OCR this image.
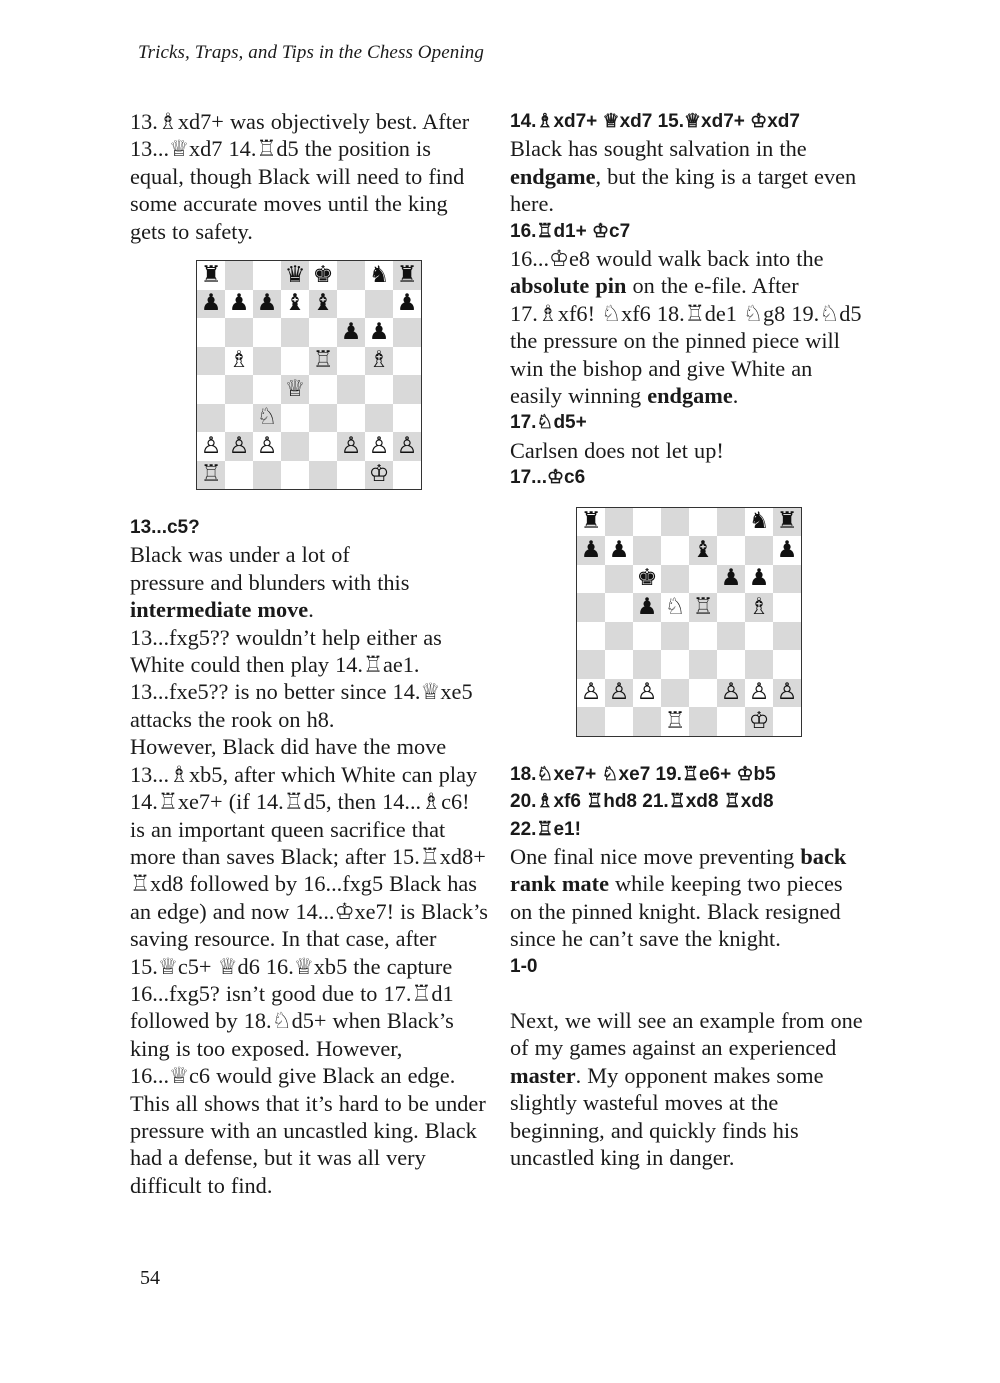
Tricks, Traps, and Tips in the Chess Opening

13.♗xd7+ was objectively best. After 13...♕xd7 14.♖d5 the position is equal, though Black will need to find some accurate moves until the king gets to safety.

♜	♛ ♚ ♞ ♜
♟ ♟ ♟ ♝ ♝	♟
♟ ♟
♗	♖ ♗
♕
♘
♙ ♙ ♙	♙ ♙ ♙
♖	♔

13...c5?

Black was under a lot of

pressure and blunders with this intermediate move.

13...fxg5?? wouldn’t help either as White could then play 14.♖ae1.

13...fxe5?? is no better since 14.♕xe5 attacks the rook on h8.

However, Black did have the move 13...♗xb5, after which White can play 14.♖xe7+ (if 14.♖d5, then 14...♗c6! is an important queen sacrifice that more than saves Black; after 15.♖xd8+ ♖xd8 followed by 16...fxg5 Black has an edge) and now 14...♔xe7! is Black’s saving resource. In that case, after 15.♕c5+ ♕d6 16.♕xb5 the capture 16...fxg5? isn’t good due to 17.♖d1 followed by 18.♘d5+ when Black’s king is too exposed. However, 16...♕c6 would give Black an edge. This all shows that it’s hard to be under pressure with an uncastled king. Black had a defense, but it was all very difficult to find.

14.♗xd7+ ♕xd7 15.♕xd7+ ♔xd7

Black has sought salvation in the endgame, but the king is a target even here.

16.♖d1+ ♔c7

16...♔e8 would walk back into the absolute pin on the e-file. After 17.♗xf6! ♘xf6 18.♖de1 ♘g8 19.♘d5 the pressure on the pinned piece will win the bishop and give White an easily winning endgame.

17.♘d5+

Carlsen does not let up!

17...♔c6

♜	♞ ♜
♟ ♟	♝	♟
♚	♟ ♟
♟ ♘ ♖ ♗
♙ ♙ ♙	♙ ♙ ♙
♖	♔

18.♘xe7+ ♘xe7 19.♖e6+ ♔b5

20.♗xf6 ♖hd8 21.♖xd8 ♖xd8

22.♖e1!

One final nice move preventing back rank mate while keeping two pieces on the pinned knight. Black resigned since he can’t save the knight.

1-0

Next, we will see an example from one of my games against an experienced master. My opponent makes some slightly wasteful moves at the beginning, and quickly finds his uncastled king in danger.

54
